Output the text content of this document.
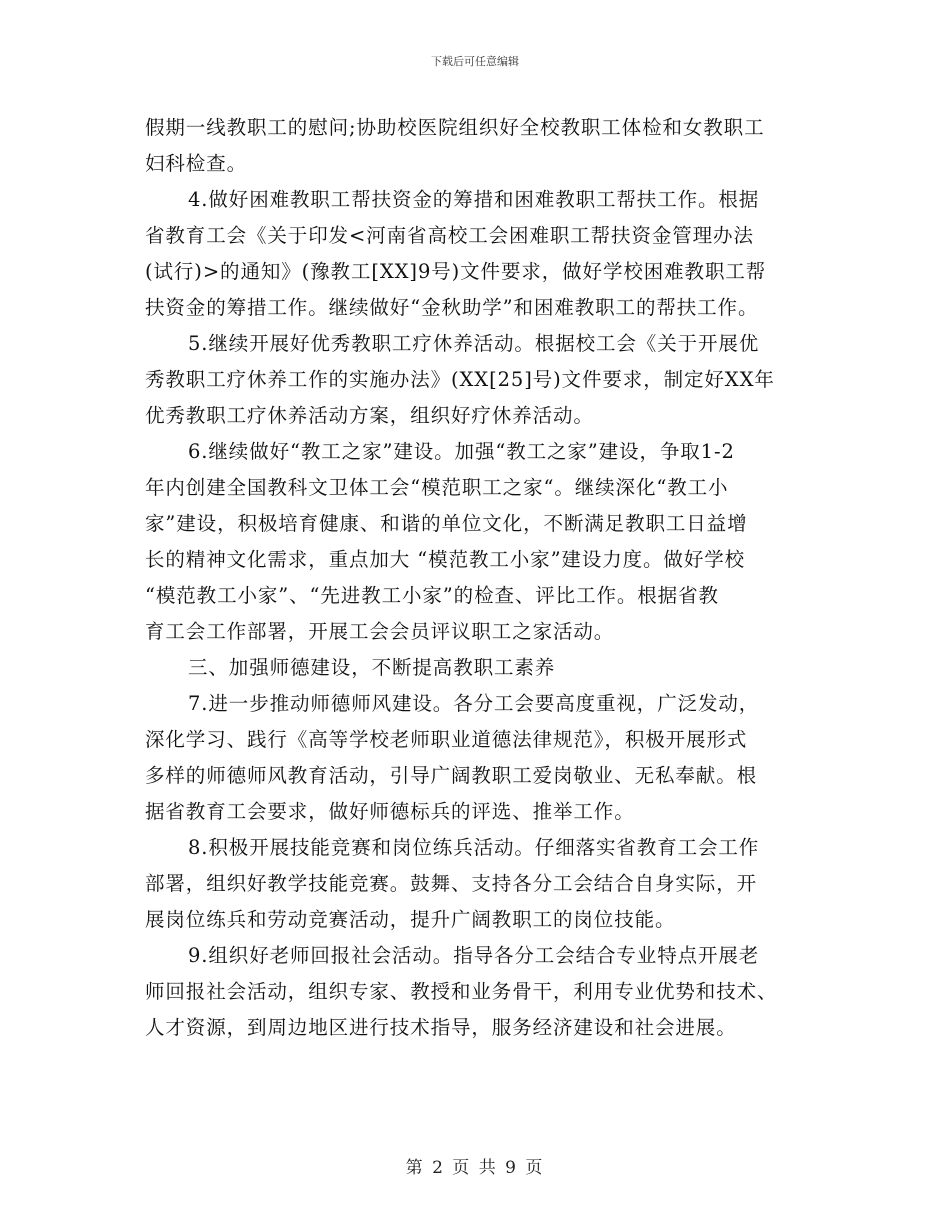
下载后可任意编辑
假期一线教职工的慰问;协助校医院组织好全校教职工体检和女教职工
妇科检查。
4.做好困难教职工帮扶资金的筹措和困难教职工帮扶工作。根据
省教育工会《关于印发<河南省高校工会困难职工帮扶资金管理办法
(试行)>的通知》(豫教工[XX]9号)文件要求，做好学校困难教职工帮
扶资金的筹措工作。继续做好“金秋助学”和困难教职工的帮扶工作。
5.继续开展好优秀教职工疗休养活动。根据校工会《关于开展优
秀教职工疗休养工作的实施办法》(XX[25]号)文件要求，制定好XX年
优秀教职工疗休养活动方案，组织好疗休养活动。
6.继续做好“教工之家”建设。加强“教工之家”建设，争取1-2
年内创建全国教科文卫体工会“模范职工之家“。继续深化“教工小
家”建设，积极培育健康、和谐的单位文化，不断满足教职工日益增
长的精神文化需求，重点加大 “模范教工小家”建设力度。做好学校
“模范教工小家”、“先进教工小家”的检查、评比工作。根据省教
育工会工作部署，开展工会会员评议职工之家活动。
三、加强师德建设，不断提高教职工素养
7.进一步推动师德师风建设。各分工会要高度重视，广泛发动，
深化学习、践行《高等学校老师职业道德法律规范》，积极开展形式
多样的师德师风教育活动，引导广阔教职工爱岗敬业、无私奉献。根
据省教育工会要求，做好师德标兵的评选、推举工作。
8.积极开展技能竞赛和岗位练兵活动。仔细落实省教育工会工作
部署，组织好教学技能竞赛。鼓舞、支持各分工会结合自身实际，开
展岗位练兵和劳动竞赛活动，提升广阔教职工的岗位技能。
9.组织好老师回报社会活动。指导各分工会结合专业特点开展老
师回报社会活动，组织专家、教授和业务骨干，利用专业优势和技术、
人才资源，到周边地区进行技术指导，服务经济建设和社会进展。
第 2 页 共 9 页
